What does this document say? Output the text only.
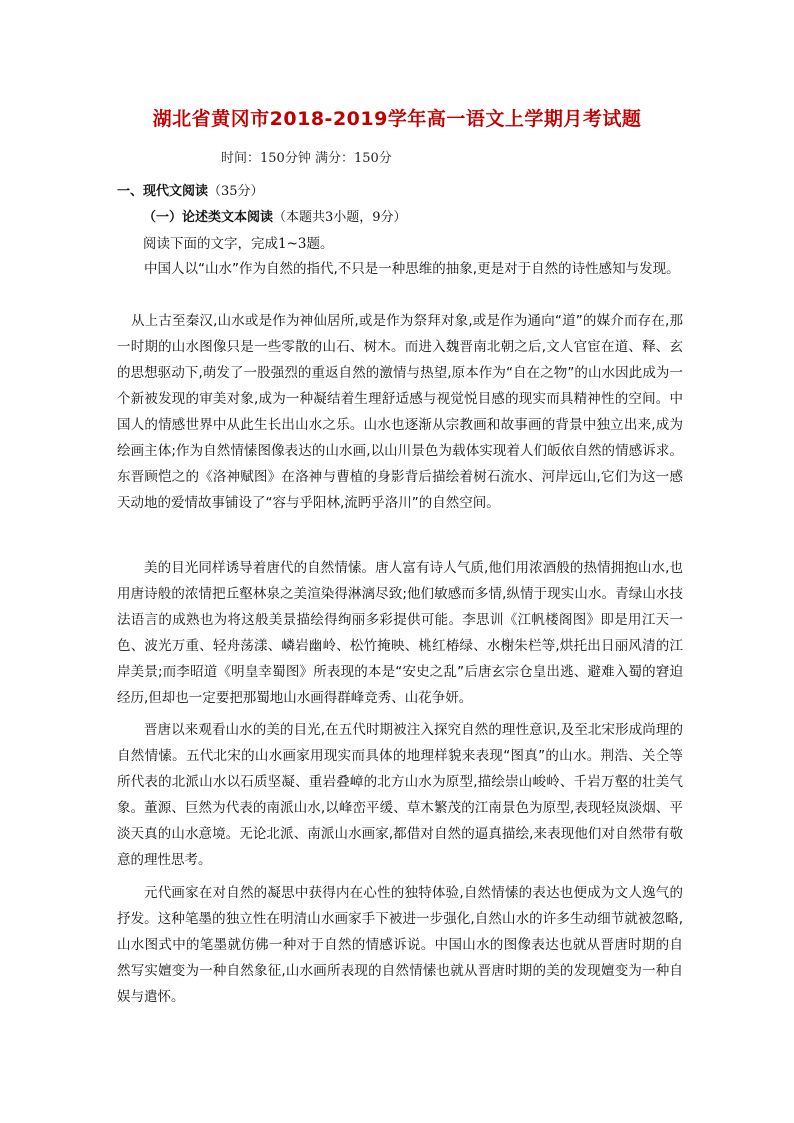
湖北省黄冈市2018-2019学年高一语文上学期月考试题
时间：150分钟 满分：150分
一、现代文阅读（35分）
（一）论述类文本阅读（本题共3小题，9分）
阅读下面的文字，完成1~3题。

中国人以“山水”作为自然的指代,不只是一种思维的抽象,更是对于自然的诗性感知与发现。

从上古至秦汉,山水或是作为神仙居所,或是作为祭拜对象,或是作为通向“道”的媒介而存在,那一时期的山水图像只是一些零散的山石、树木。而进入魏晋南北朝之后,文人官宦在道、释、玄的思想驱动下,萌发了一股强烈的重返自然的激情与热望,原本作为“自在之物”的山水因此成为一个新被发现的审美对象,成为一种凝结着生理舒适感与视觉悦目感的现实而具精神性的空间。中国人的情感世界中从此生长出山水之乐。山水也逐渐从宗教画和故事画的背景中独立出来,成为绘画主体;作为自然情愫图像表达的山水画,以山川景色为载体实现着人们皈依自然的情感诉求。东晋顾恺之的《洛神赋图》在洛神与曹植的身影背后描绘着树石流水、河岸远山,它们为这一感天动地的爱情故事铺设了“容与乎阳林,流眄乎洛川”的自然空间。

美的目光同样诱导着唐代的自然情愫。唐人富有诗人气质,他们用浓酒般的热情拥抱山水,也用唐诗般的浓情把丘壑林泉之美渲染得淋漓尽致;他们敏感而多情,纵情于现实山水。青绿山水技法语言的成熟也为将这般美景描绘得绚丽多彩提供可能。李思训《江帆楼阁图》即是用江天一色、波光万重、轻舟荡漾、嶙岩幽岭、松竹掩映、桃红椿绿、水榭朱栏等,烘托出日丽风清的江岸美景;而李昭道《明皇幸蜀图》所表现的本是“安史之乱”后唐玄宗仓皇出逃、避难入蜀的窘迫经历,但却也一定要把那蜀地山水画得群峰竞秀、山花争妍。

晋唐以来观看山水的美的目光,在五代时期被注入探究自然的理性意识,及至北宋形成尚理的自然情愫。五代北宋的山水画家用现实而具体的地理样貌来表现“图真”的山水。荆浩、关仝等所代表的北派山水以石质坚凝、重岩叠嶂的北方山水为原型,描绘崇山峻岭、千岩万壑的壮美气象。董源、巨然为代表的南派山水,以峰峦平缓、草木繁茂的江南景色为原型,表现轻岚淡烟、平淡天真的山水意境。无论北派、南派山水画家,都借对自然的逼真描绘,来表现他们对自然带有敬意的理性思考。

元代画家在对自然的凝思中获得内在心性的独特体验,自然情愫的表达也便成为文人逸气的抒发。这种笔墨的独立性在明清山水画家手下被进一步强化,自然山水的许多生动细节就被忽略,山水图式中的笔墨就仿佛一种对于自然的情感诉说。中国山水的图像表达也就从晋唐时期的自然写实嬗变为一种自然象征,山水画所表现的自然情愫也就从晋唐时期的美的发现嬗变为一种自娱与遣怀。
